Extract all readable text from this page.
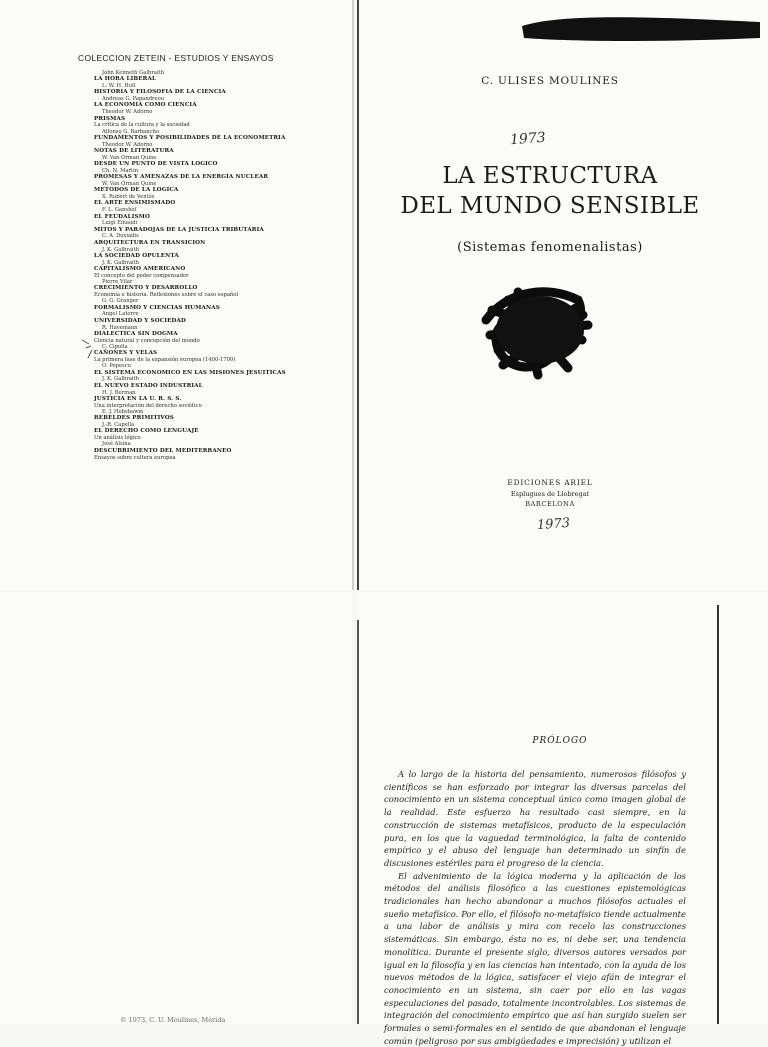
COLECCION ZETEIN - ESTUDIOS Y ENSAYOS
John Kenneth Galbraith
LA HORA LIBERAL
L. W. H. Hull
HISTORIA Y FILOSOFIA DE LA CIENCIA
Andreas G. Papandreou
LA ECONOMIA COMO CIENCIA
Theodor W. Adorno
PRISMAS
La crítica de la cultura y la sociedad
Alfonso G. Barbancho
FUNDAMENTOS Y POSIBILIDADES DE LA ECONOMETRIA
Theodor W. Adorno
NOTAS DE LITERATURA
W. Van Orman Quine
DESDE UN PUNTO DE VISTA LOGICO
Ch. N. Martin
PROMESAS Y AMENAZAS DE LA ENERGIA NUCLEAR
W. Van Orman Quine
METODOS DE LA LOGICA
X. Rubert de Ventós
EL ARTE ENSIMISMADO
F. L. Ganshof
EL FEUDALISMO
Luigi Einaudi
MITOS Y PARADOJAS DE LA JUSTICIA TRIBUTARIA
C. A. Doxiadis
ARQUITECTURA EN TRANSICION
J. K. Galbraith
LA SOCIEDAD OPULENTA
J. K. Galbraith
CAPITALISMO AMERICANO
El concepto del poder compensador
Pierre Vilar
CRECIMIENTO Y DESARROLLO
Economía e historia. Reflexiones sobre el caso español
G. G. Granger
FORMALISMO Y CIENCIAS HUMANAS
Angel Latorre
UNIVERSIDAD Y SOCIEDAD
R. Havemann
DIALECTICA SIN DOGMA
Ciencia natural y concepción del mundo
C. Cipolla
CAÑONES Y VELAS
La primera fase de la expansión europea (1400-1700)
O. Popescu
EL SISTEMA ECONOMICO EN LAS MISIONES JESUITICAS
J. K. Galbraith
EL NUEVO ESTADO INDUSTRIAL
H. J. Berman
JUSTICIA EN LA U. R. S. S.
Una interpretación del derecho soviético
E. J. Hobsbawm
REBELDES PRIMITIVOS
J.-R. Capella
EL DERECHO COMO LENGUAJE
Un análisis lógico
José Alsina
DESCUBRIMIENTO DEL MEDITERRANEO
Ensayos sobre cultura europea
C. ULISES MOULINES
1973
LA ESTRUCTURA
DEL MUNDO SENSIBLE
(Sistemas fenomenalistas)
EDICIONES ARIEL
Esplugues de Llobregat
BARCELONA
1973
PRÓLOGO

A lo largo de la historia del pensamiento, numerosos filósofos y científicos se han esforzado por integrar las diversas parcelas del conocimiento en un sistema conceptual único como imagen global de la realidad. Este esfuerzo ha resultado casi siempre, en la construcción de sistemas metafísicos, producto de la especulación pura, en los que la vaguedad terminológica, la falta de contenido empírico y el abuso del lenguaje han determinado un sinfín de discusiones estériles para el progreso de la ciencia.

El advenimiento de la lógica moderna y la aplicación de los métodos del análisis filosófico a las cuestiones epistemológicas tradicionales han hecho abandonar a muchos filósofos actuales el sueño metafísico. Por ello, el filósofo no-metafísico tiende actualmente a una labor de análisis y mira con recelo las construcciones sistemáticas. Sin embargo, ésta no es, ni debe ser, una tendencia monolítica. Durante el presente siglo, diversos autores versados por igual en la filosofía y en las ciencias han intentado, con la ayuda de los nuevos métodos de la lógica, satisfacer el viejo afán de integrar el conocimiento en un sistema, sin caer por ello en las vagas especulaciones del pasado, totalmente incontrolables. Los sistemas de integración del conocimiento empírico que así han surgido suelen ser formales o semi-formales en el sentido de que abandonan el lenguaje común (peligroso por sus ambigüedades e imprecisión) y utilizan el

© 1973, C. U. Moulines, Mérida
